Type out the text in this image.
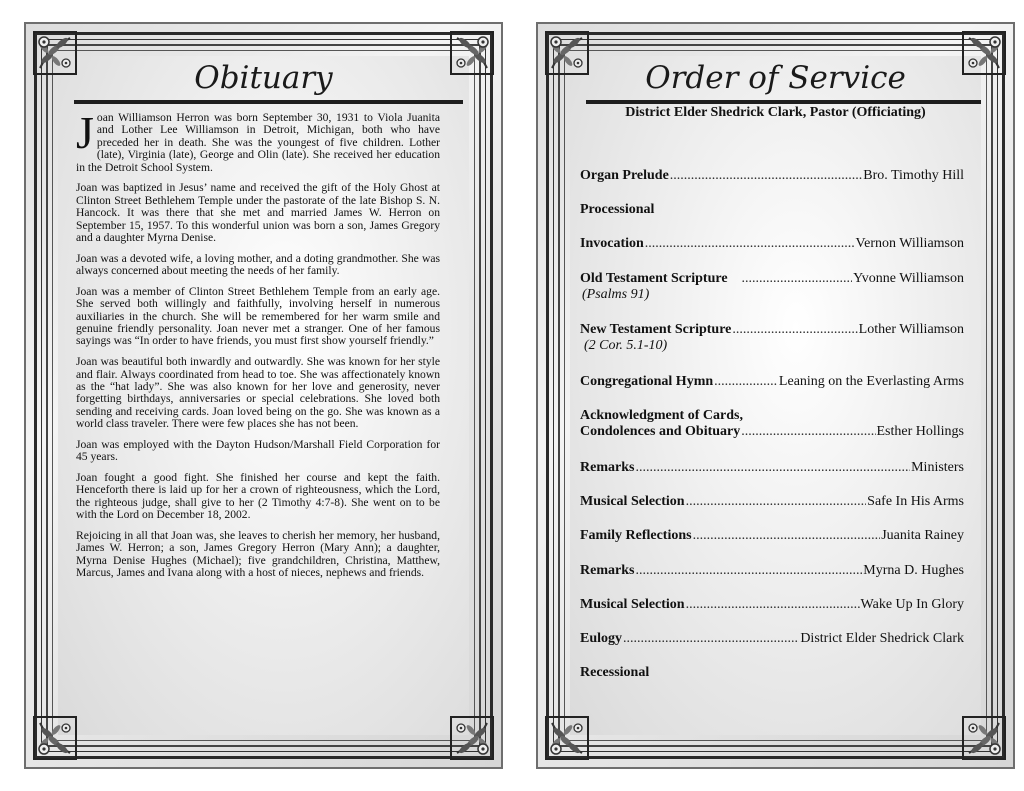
Obituary

Joan Williamson Herron was born September 30, 1931 to Viola Juanita and Lother Lee Williamson in Detroit, Michigan, both who have preceded her in death. She was the youngest of five children. Lother (late), Virginia (late), George and Olin (late). She received her education in the Detroit School System.

Joan was baptized in Jesus’ name and received the gift of the Holy Ghost at Clinton Street Bethlehem Temple under the pastorate of the late Bishop S. N. Hancock. It was there that she met and married James W. Herron on September 15, 1957. To this wonderful union was born a son, James Gregory and a daughter Myrna Denise.

Joan was a devoted wife, a loving mother, and a doting grandmother. She was always concerned about meeting the needs of her family.

Joan was a member of Clinton Street Bethlehem Temple from an early age. She served both willingly and faithfully, involving herself in numerous auxiliaries in the church. She will be remembered for her warm smile and genuine friendly personality. Joan never met a stranger. One of her famous sayings was “In order to have friends, you must first show yourself friendly.”

Joan was beautiful both inwardly and outwardly. She was known for her style and flair. Always coordinated from head to toe. She was affectionately known as the “hat lady”. She was also known for her love and generosity, never forgetting birthdays, anniversaries or special celebrations. She loved both sending and receiving cards. Joan loved being on the go. She was known as a world class traveler. There were few places she has not been.

Joan was employed with the Dayton Hudson/Marshall Field Corporation for 45 years.

Joan fought a good fight. She finished her course and kept the faith. Henceforth there is laid up for her a crown of righteousness, which the Lord, the righteous judge, shall give to her (2 Timothy 4:7-8). She went on to be with the Lord on December 18, 2002.

Rejoicing in all that Joan was, she leaves to cherish her memory, her husband, James W. Herron; a son, James Gregory Herron (Mary Ann); a daughter, Myrna Denise Hughes (Michael); five grandchildren, Christina, Matthew, Marcus, James and Ivana along with a host of nieces, nephews and friends.

Order of Service
District Elder Shedrick Clark, Pastor (Officiating)
Organ Prelude .....	Bro. Timothy Hill
Processional
Invocation .....	Vernon Williamson
Old Testament Scripture .....	Yvonne Williamson
(Psalms 91)
New Testament Scripture .....	Lother Williamson
(2 Cor. 5.1-10)
Congregational Hymn .....	Leaning on the Everlasting Arms
Acknowledgment of Cards,
Condolences and Obituary .....	Esther Hollings
Remarks .....	Ministers
Musical Selection .....	Safe In His Arms
Family Reflections .....	Juanita Rainey
Remarks .....	Myrna D. Hughes
Musical Selection .....	Wake Up In Glory
Eulogy .....	District Elder Shedrick Clark
Recessional
